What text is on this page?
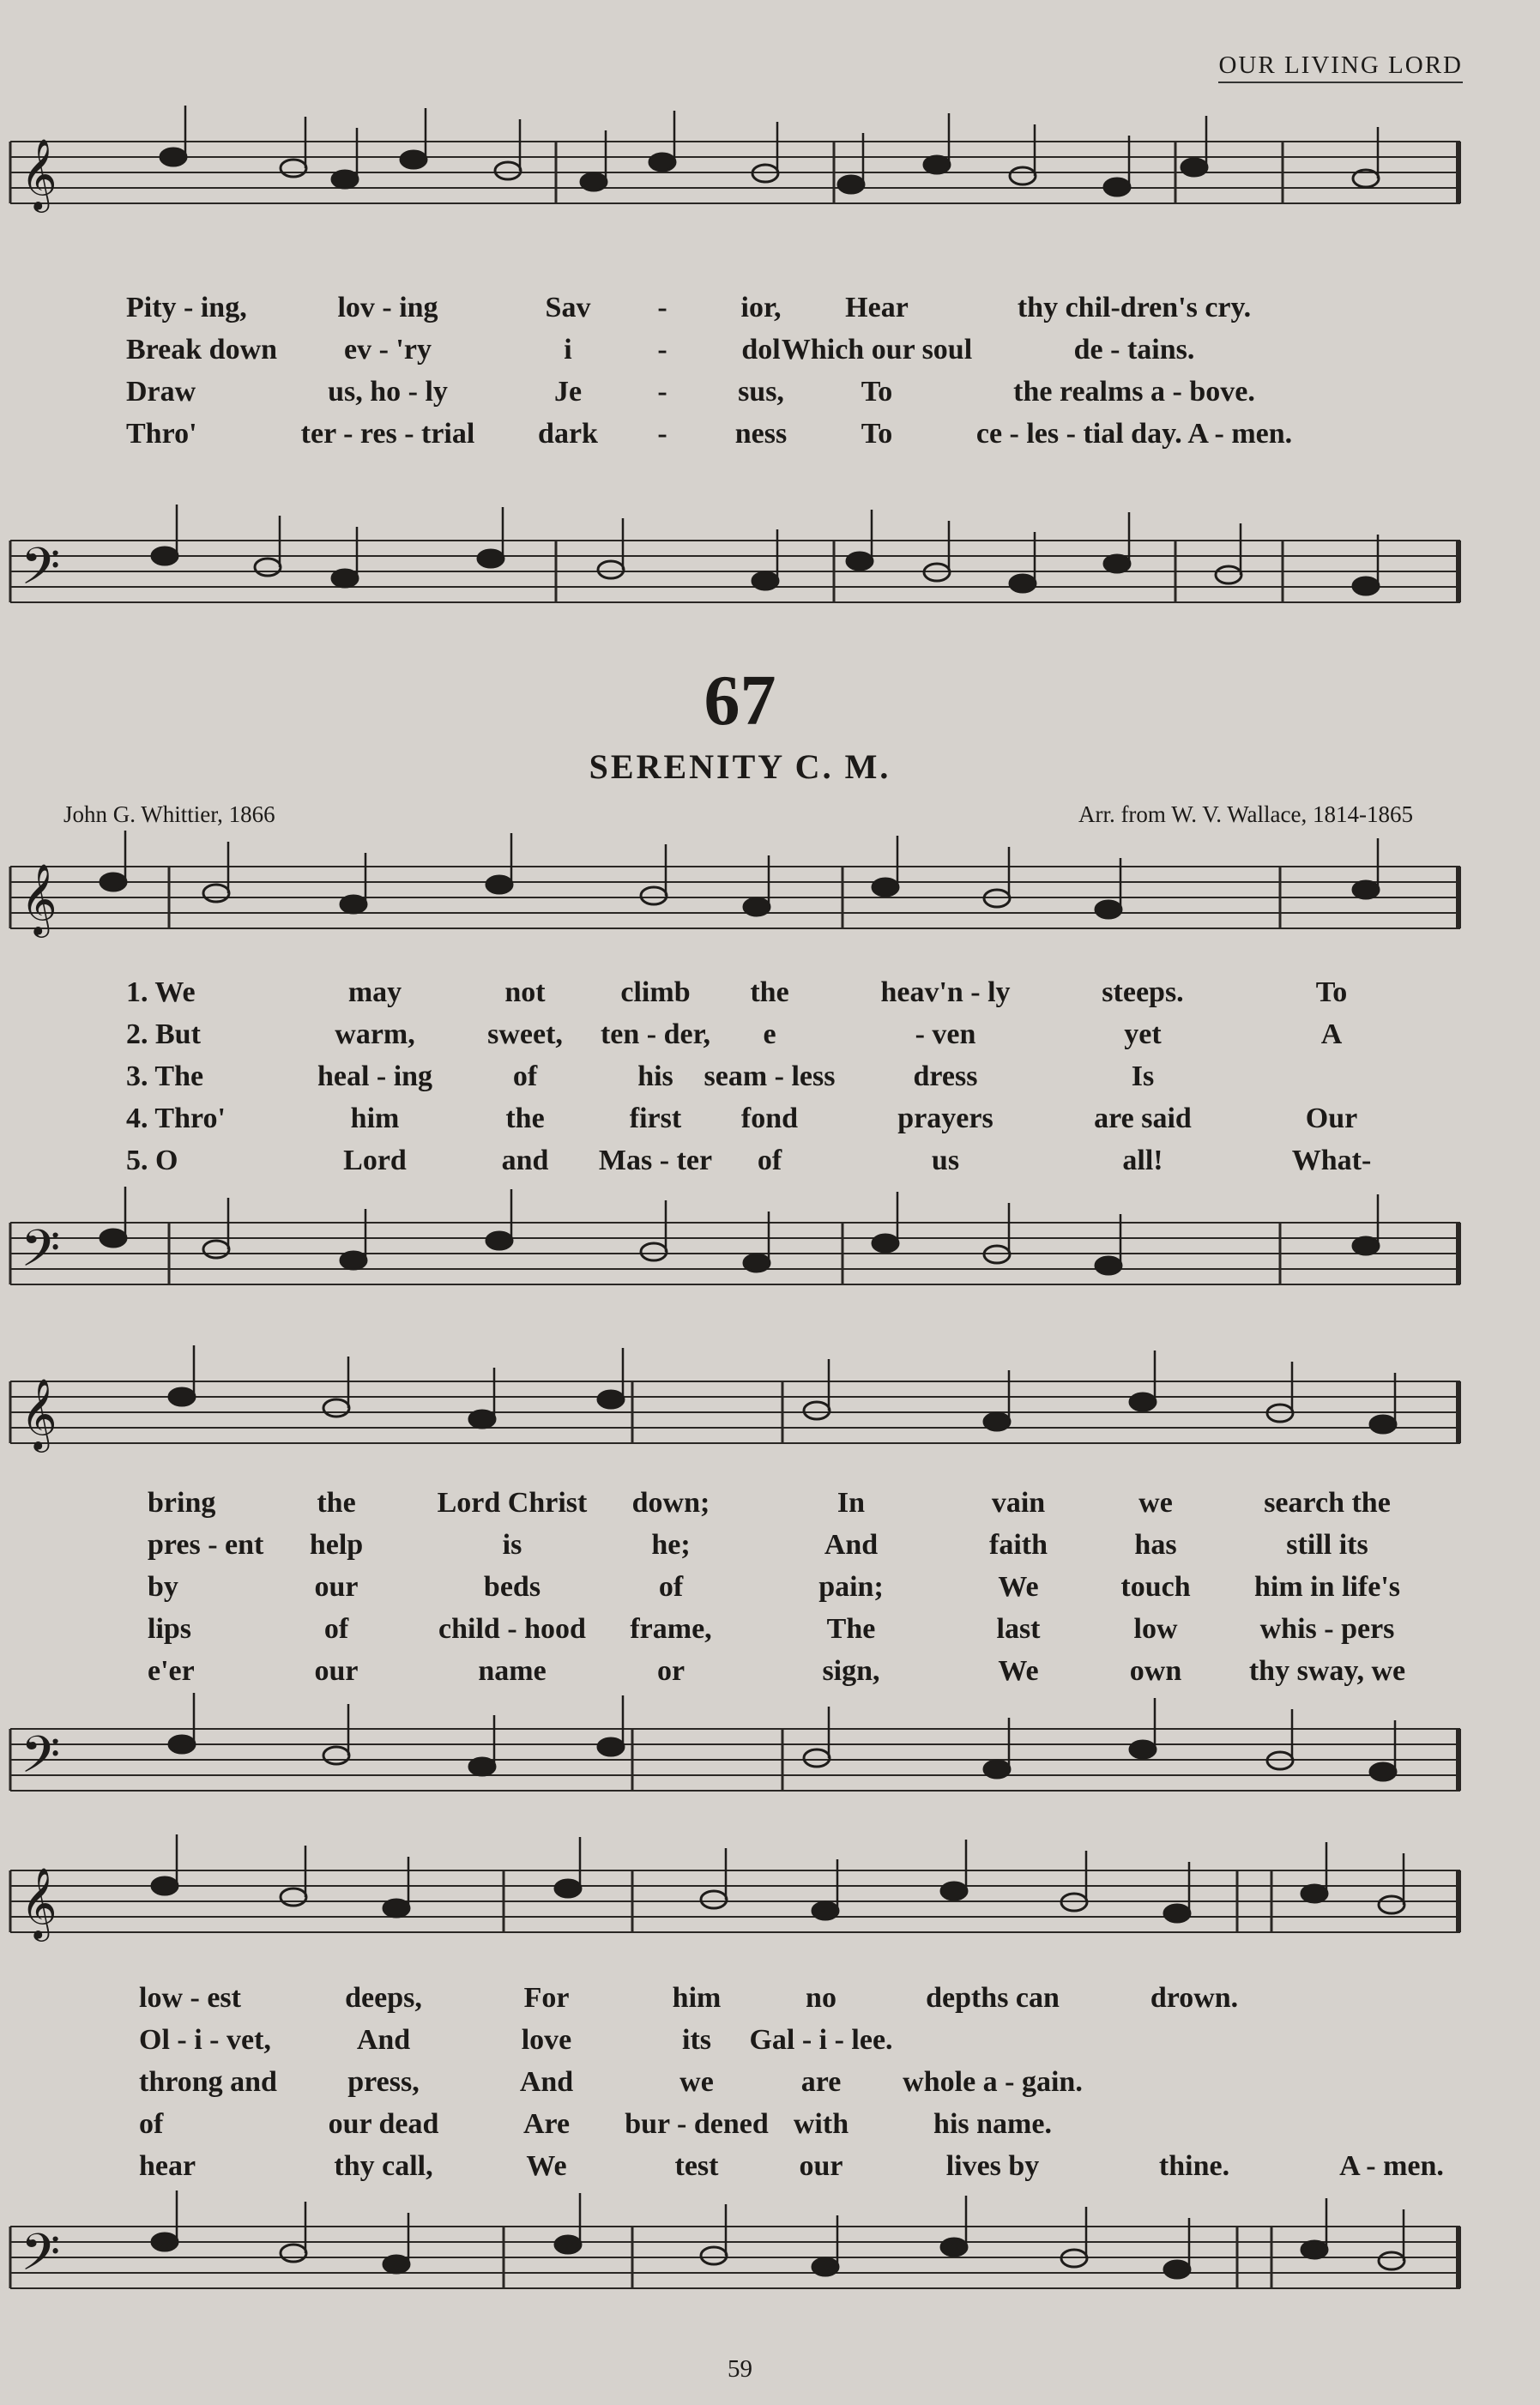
OUR LIVING LORD
𝄞
𝄢
Pity - ing,	lov - ing	Sav -	ior, Hear	thy chil-dren's cry.
Break down ev - 'ry	i	-	dol Which our soul	de - tains.
Draw	us, ho - ly	Je	- sus,	To	the realms a - bove.
Thro'	ter - res - trial dark - ness	To	ce - les - tial day. A - men.
67
SERENITY C. M.
John G. Whittier, 1866	Arr. from W. V. Wallace, 1814-1865
𝄞
𝄢
1. We	may	not	climb the	heav'n - ly	steeps.	To
2. But	warm, sweet, ten - der, e	- ven	yet	A
3. The	heal - ing	of	his seam - less	dress	Is
4. Thro'	him	the	first fond	prayers	are said	Our
5. O	Lord	and Mas - ter of	us	all!	What-
𝄞
𝄢
bring	the	Lord Christ down;	In	vain	we	search the
pres - ent help	is	he;	And	faith	has	still its
by	our	beds	of	pain;	We	touch him in life's
lips	of	child - hood frame,	The	last	low	whis - pers
e'er	our	name	or	sign,	We	own thy sway, we
𝄞
𝄢
low - est	deeps,	For	him	no	depths can	drown.
Ol - i - vet,	And	love	its Gal - i - lee.
throng and press,	And	we	are whole a - gain.
of	our dead	Are bur - dened with	his name.
hear	thy call,	We	test	our	lives by	thine.	A - men.
59
